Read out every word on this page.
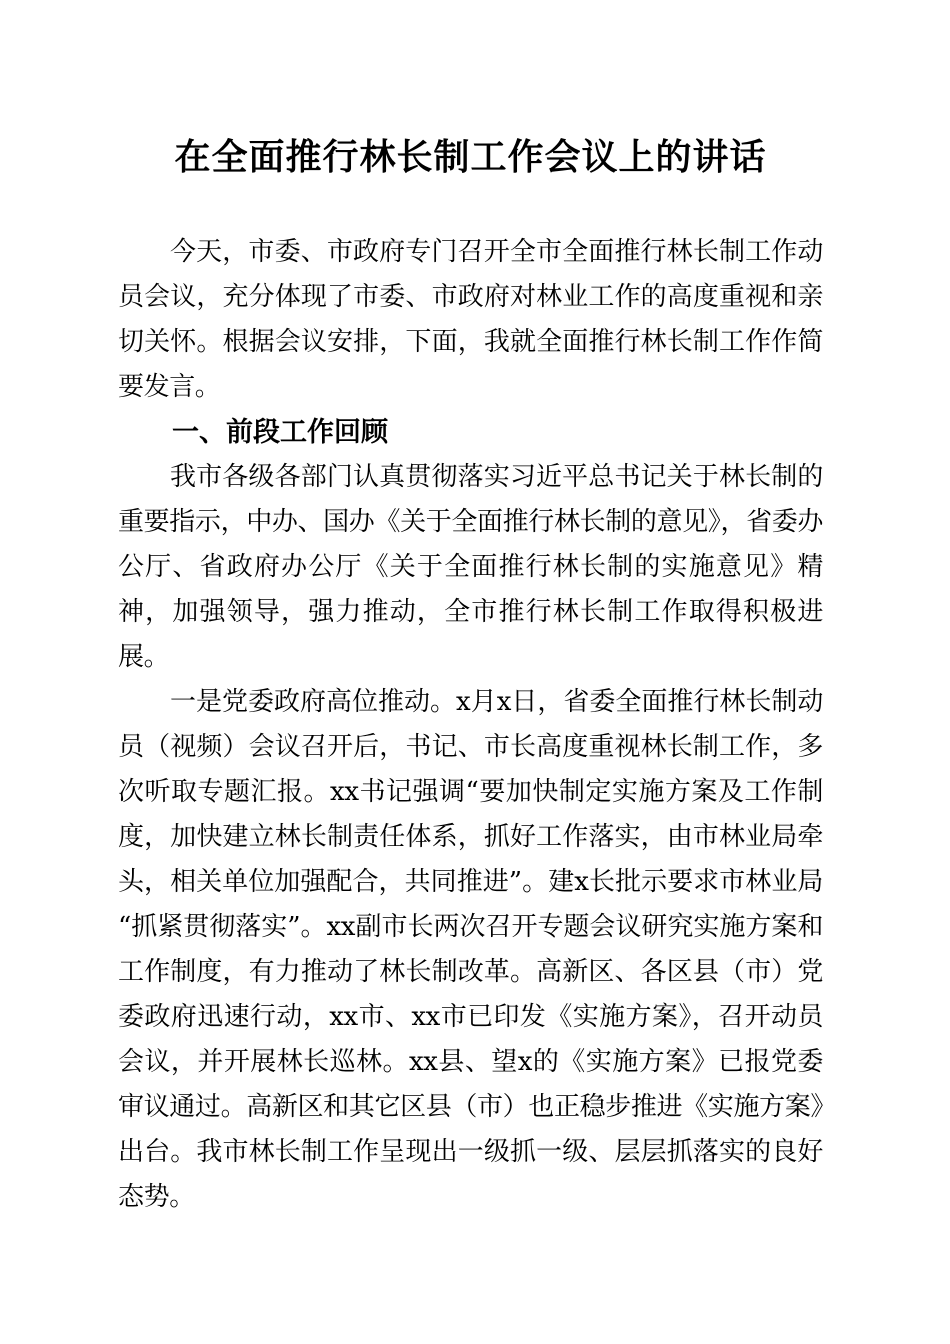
在全面推行林长制工作会议上的讲话

今天，市委、市政府专门召开全市全面推行林长制工作动员会议，充分体现了市委、市政府对林业工作的高度重视和亲切关怀。根据会议安排，下面，我就全面推行林长制工作作简要发言。

一、前段工作回顾

我市各级各部门认真贯彻落实习近平总书记关于林长制的重要指示，中办、国办《关于全面推行林长制的意见》，省委办公厅、省政府办公厅《关于全面推行林长制的实施意见》精神，加强领导，强力推动，全市推行林长制工作取得积极进展。

一是党委政府高位推动。x月x日，省委全面推行林长制动员（视频）会议召开后，书记、市长高度重视林长制工作，多次听取专题汇报。xx书记强调“要加快制定实施方案及工作制度，加快建立林长制责任体系，抓好工作落实，由市林业局牵头，相关单位加强配合，共同推进”。建x长批示要求市林业局“抓紧贯彻落实”。xx副市长两次召开专题会议研究实施方案和工作制度，有力推动了林长制改革。高新区、各区县（市）党委政府迅速行动，xx市、xx市已印发《实施方案》，召开动员会议，并开展林长巡林。xx县、望x的《实施方案》已报党委审议通过。高新区和其它区县（市）也正稳步推进《实施方案》出台。我市林长制工作呈现出一级抓一级、层层抓落实的良好态势。
